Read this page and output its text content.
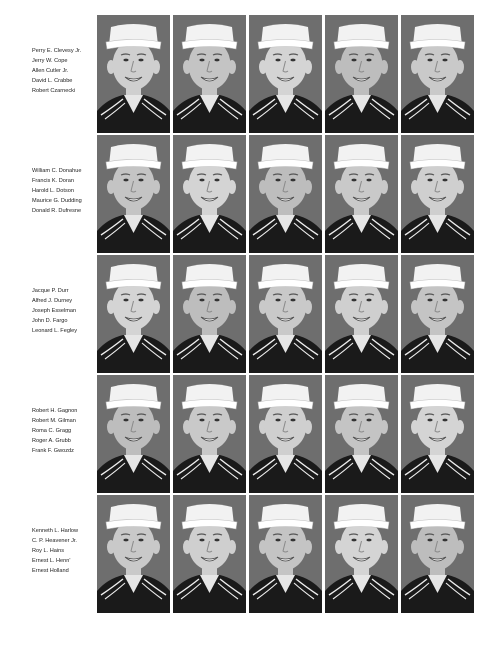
Perry E. Clevesy Jr.
Jerry W. Cope
Allen Cutler Jr.
David L. Crabbe
Robert Czarnecki
William C. Donahue
Francis K. Doran
Harold L. Dotson
Maurice G. Dudding
Donald R. Dufresne
Jacque P. Durr
Alfred J. Durney
Joseph Esselman
John D. Fargo
Leonard L. Fegley
Robert H. Gagnon
Robert M. Gilman
Roma C. Gragg
Roger A. Grubb
Frank F. Gwozdz
Kenneth L. Harlow
C. P. Heavener Jr.
Roy L. Hains
Ernest L. Henn'
Ernest Holland
